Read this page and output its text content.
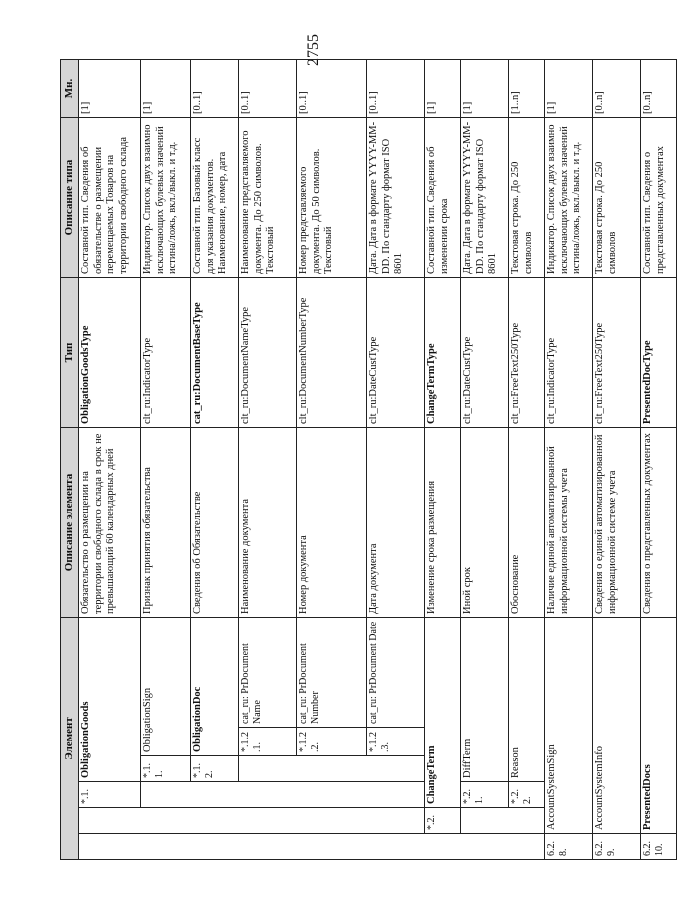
2755
Элемент						Описание элемента	Тип	Описание типа	Мн.
		*.1.	ObligationGoods			Обязательство о размещении на территории свободного склада в срок не превышающий 60 календарных дней	ObligationGoodsType	Составной тип. Сведения об обязательстве о размещении перемещаемых Товаров на территории свободного склада	[1]
			*.1.1.	ObligationSign		Признак принятия обязательства	clt_ru:IndicatorType	Индикатор. Список двух взаимно исключающих булевых значений истина/ложь, вкл./выкл. и т.д.	[1]
			*.1.2.	ObligationDoc		Сведения об Обязательстве	cat_ru:DocumentBaseType	Составной тип. Базовый класс для указания документов. Наименование, номер, дата	[0..1]
				*.1.2.1.	cat_ru: PrDocument Name	Наименование документа	clt_ru:DocumentNameType	Наименование представляемого документа. До 250 символов. Текстовый	[0..1]
				*.1.2.2.	cat_ru: PrDocument Number	Номер документа	clt_ru:DocumentNumberType	Номер представляемого документа. До 50 символов. Текстовый	[0..1]
				*.1.2.3.	cat_ru: PrDocument Date	Дата документа	clt_ru:DateCustType	Дата. Дата в формате YYYY-MM-DD. По стандарту формат ISO 8601	[0..1]
	*.2.	ChangeTerm				Изменение срока размещения	ChangeTermType	Составной тип. Сведения об изменении срока	[1]
		*.2.1.	DiffTerm			Иной срок	clt_ru:DateCustType	Дата. Дата в формате YYYY-MM-DD. По стандарту формат ISO 8601	[1]
		*.2.2.	Reason			Обоснование	clt_ru:FreeText250Type	Текстовая строка. До 250 символов	[1..n]
6.2.8.	AccountSystemSign					Наличие единой автоматизированной информационной системы учета	clt_ru:IndicatorType	Индикатор. Список двух взаимно исключающих булевых значений истина/ложь, вкл./выкл. и т.д.	[1]
6.2.9.	AccountSystemInfo					Сведения о единой автоматизированной информационной системе учета	clt_ru:FreeText250Type	Текстовая строка. До 250 символов	[0..n]
6.2.10.	PresentedDocs					Сведения о представленных документах	PresentedDocType	Составной тип. Сведения о представленных документах	[0..n]
